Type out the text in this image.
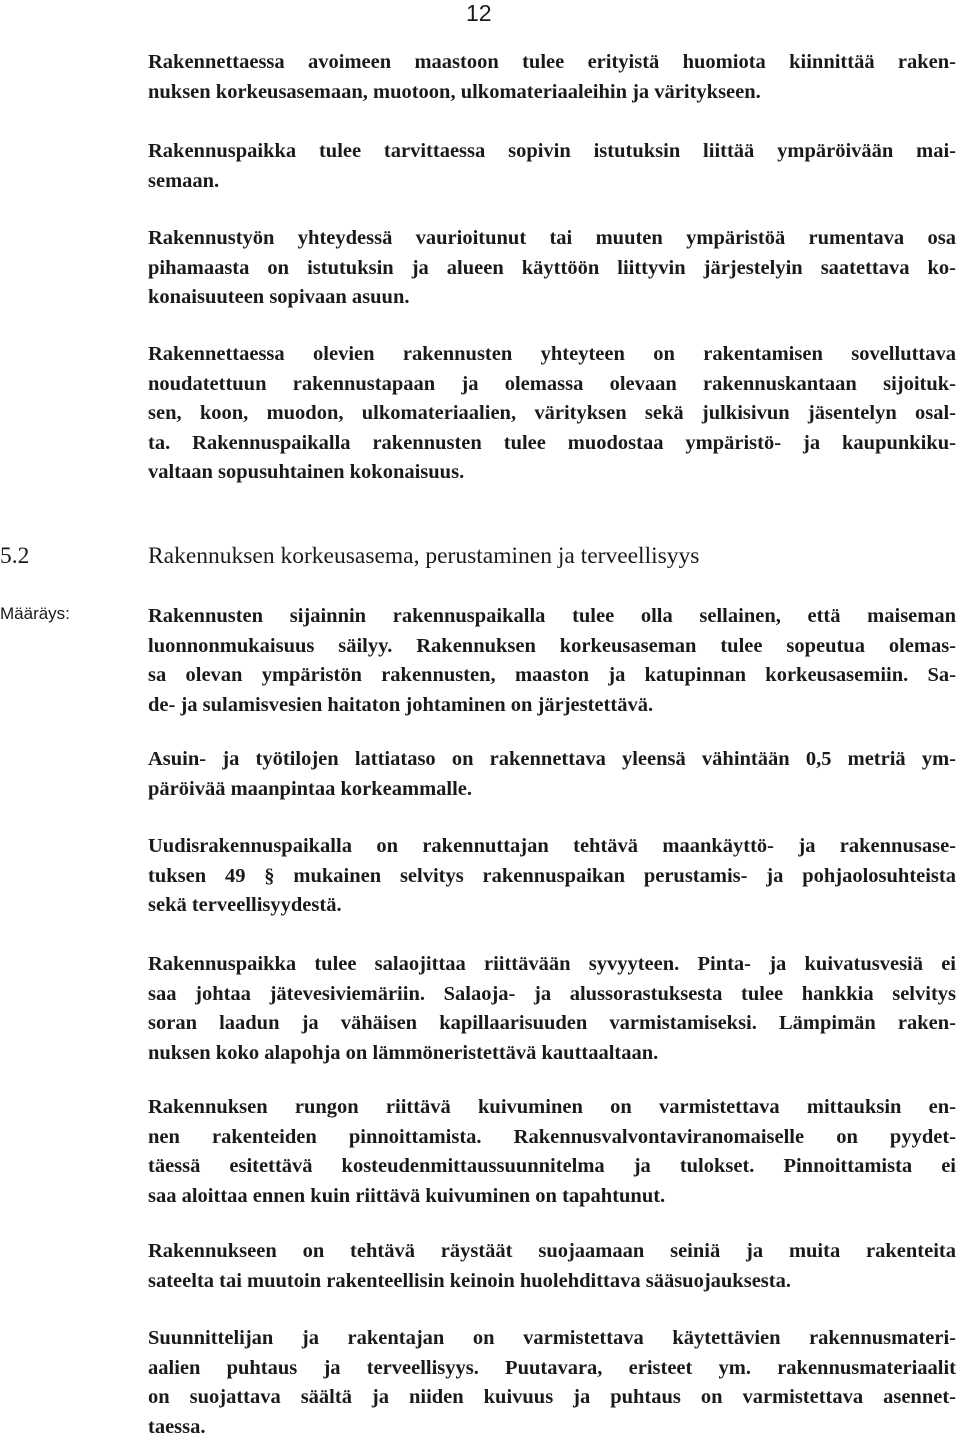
12

Rakennettaessa avoimeen maastoon tulee erityistä huomiota kiinnittää raken-
nuksen korkeusasemaan, muotoon, ulkomateriaaleihin ja väritykseen.

Rakennuspaikka tulee tarvittaessa sopivin istutuksin liittää ympäröivään mai-
semaan.

Rakennustyön yhteydessä vaurioitunut tai muuten ympäristöä rumentava osa
pihamaasta on istutuksin ja alueen käyttöön liittyvin järjestelyin saatettava ko-
konaisuuteen sopivaan asuun.

Rakennettaessa olevien rakennusten yhteyteen on rakentamisen sovelluttava
noudatettuun rakennustapaan ja olemassa olevaan rakennuskantaan sijoituk-
sen, koon, muodon, ulkomateriaalien, värityksen sekä julkisivun jäsentelyn osal-
ta. Rakennuspaikalla rakennusten tulee muodostaa ympäristö- ja kaupunkiku-
valtaan sopusuhtainen kokonaisuus.

5.2	Rakennuksen korkeusasema, perustaminen ja terveellisyys
Määräys:	Rakennusten sijainnin rakennuspaikalla tulee olla sellainen, että maiseman
luonnonmukaisuus säilyy. Rakennuksen korkeusaseman tulee sopeutua olemas-
sa olevan ympäristön rakennusten, maaston ja katupinnan korkeusasemiin. Sa-
de- ja sulamisvesien haitaton johtaminen on järjestettävä.

Asuin- ja työtilojen lattiataso on rakennettava yleensä vähintään 0,5 metriä ym-
päröivää maanpintaa korkeammalle.

Uudisrakennuspaikalla on rakennuttajan tehtävä maankäyttö- ja rakennusase-
tuksen 49 § mukainen selvitys rakennuspaikan perustamis- ja pohjaolosuhteista
sekä terveellisyydestä.

Rakennuspaikka tulee salaojittaa riittävään syvyyteen. Pinta- ja kuivatusvesiä ei
saa johtaa jätevesiviemäriin. Salaoja- ja alussorastuksesta tulee hankkia selvitys
soran laadun ja vähäisen kapillaarisuuden varmistamiseksi. Lämpimän raken-
nuksen koko alapohja on lämmöneristettävä kauttaaltaan.

Rakennuksen rungon riittävä kuivuminen on varmistettava mittauksin en-
nen rakenteiden pinnoittamista. Rakennusvalvontaviranomaiselle on pyydet-
täessä esitettävä kosteudenmittaussuunnitelma ja tulokset. Pinnoittamista ei
saa aloittaa ennen kuin riittävä kuivuminen on tapahtunut.

Rakennukseen on tehtävä räystäät suojaamaan seiniä ja muita rakenteita
sateelta tai muutoin rakenteellisin keinoin huolehdittava sääsuojauksesta.

Suunnittelijan ja rakentajan on varmistettava käytettävien rakennusmateri-
aalien puhtaus ja terveellisyys. Puutavara, eristeet ym. rakennusmateriaalit
on suojattava säältä ja niiden kuivuus ja puhtaus on varmistettava asennet-
taessa.
